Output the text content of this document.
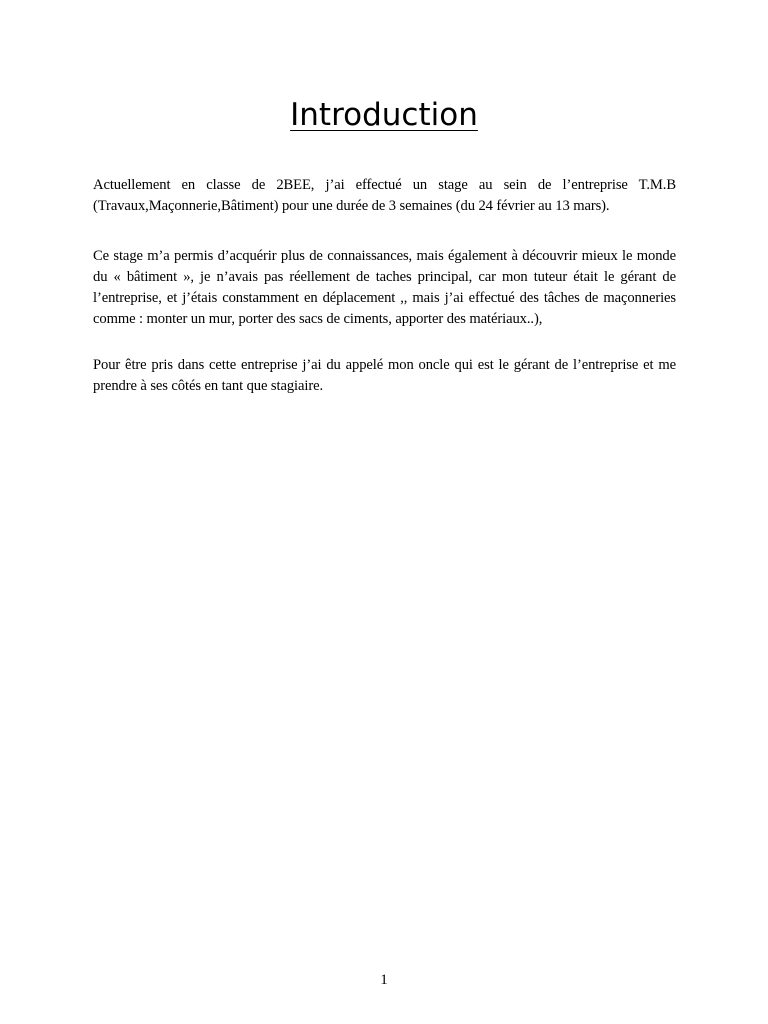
Introduction

Actuellement en classe de 2BEE, j’ai effectué un stage au sein de l’entreprise T.M.B (Travaux,Maçonnerie,Bâtiment) pour une durée de 3 semaines (du 24 février au 13 mars).

Ce stage m’a permis d’acquérir plus de connaissances, mais également à découvrir mieux le monde du « bâtiment », je n’avais pas réellement de taches principal, car mon tuteur était le gérant de l’entreprise, et j’étais constamment en déplacement ,, mais j’ai effectué des tâches de maçonneries comme : monter un mur, porter des sacs de ciments, apporter des matériaux..),

Pour être pris dans cette entreprise j’ai du appelé mon oncle qui est le gérant de l’entreprise et me prendre à ses côtés en tant que stagiaire.

1
